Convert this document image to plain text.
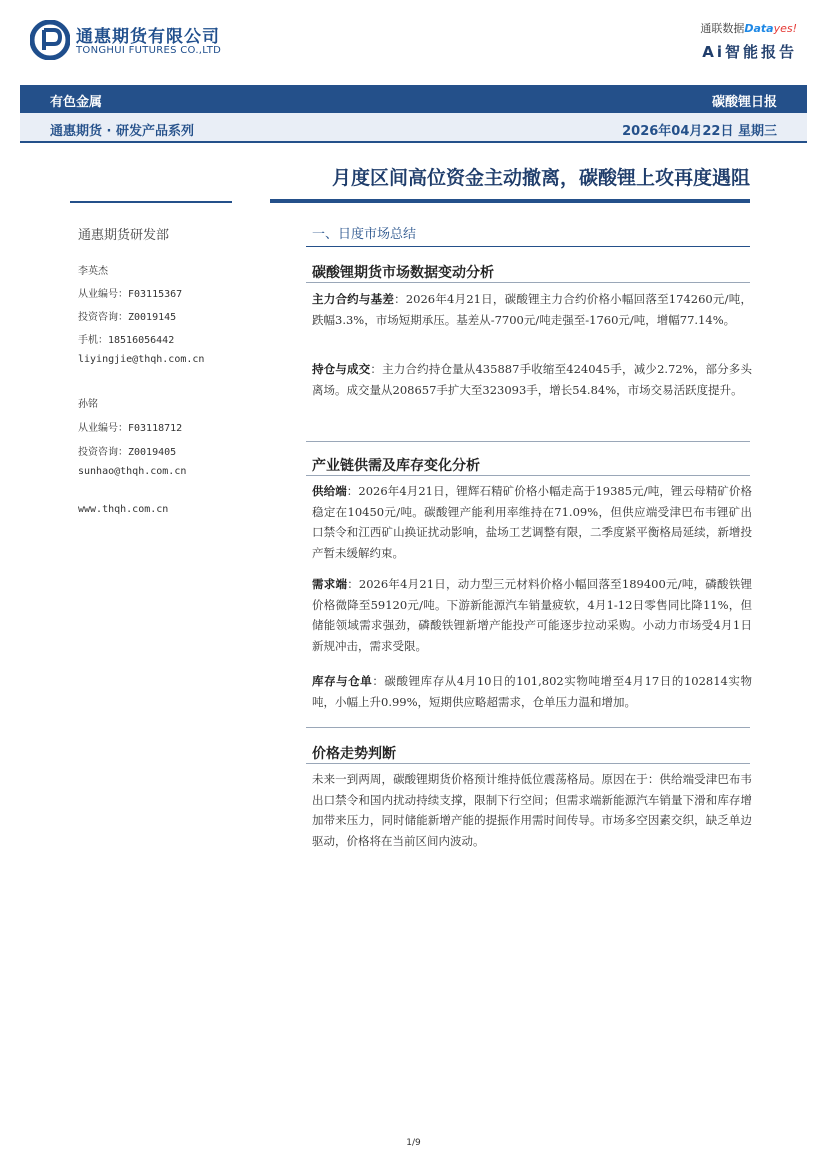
通惠期货有限公司
TONGHUI FUTURES CO.,LTD
通联数据Datayes!
Ai智能报告
有色金属	碳酸锂日报
通惠期货 · 研发产品系列	2026年04月22日 星期三
月度区间高位资金主动撤离，碳酸锂上攻再度遇阻
通惠期货研发部
李英杰
从业编号：F03115367
投资咨询：Z0019145
手机：18516056442
liyingjie@thqh.com.cn
孙铭
从业编号：F03118712
投资咨询：Z0019405
sunhao@thqh.com.cn
www.thqh.com.cn
一、日度市场总结
碳酸锂期货市场数据变动分析
主力合约与基差：2026年4月21日，碳酸锂主力合约价格小幅回落至174260元/吨，跌幅3.3%，市场短期承压。基差从-7700元/吨走强至-1760元/吨，增幅77.14%。
持仓与成交：主力合约持仓量从435887手收缩至424045手，减少2.72%，部分多头离场。成交量从208657手扩大至323093手，增长54.84%，市场交易活跃度提升。
产业链供需及库存变化分析
供给端：2026年4月21日，锂辉石精矿价格小幅走高于19385元/吨，锂云母精矿价格稳定在10450元/吨。碳酸锂产能利用率维持在71.09%，但供应端受津巴布韦锂矿出口禁令和江西矿山换证扰动影响，盐场工艺调整有限，二季度紧平衡格局延续，新增投产暂未缓解约束。
需求端：2026年4月21日，动力型三元材料价格小幅回落至189400元/吨，磷酸铁锂价格微降至59120元/吨。下游新能源汽车销量疲软，4月1-12日零售同比降11%，但储能领域需求强劲，磷酸铁锂新增产能投产可能逐步拉动采购。小动力市场受4月1日新规冲击，需求受限。
库存与仓单：碳酸锂库存从4月10日的101,802实物吨增至4月17日的102814实物吨，小幅上升0.99%，短期供应略超需求，仓单压力温和增加。
价格走势判断
未来一到两周，碳酸锂期货价格预计维持低位震荡格局。原因在于：供给端受津巴布韦出口禁令和国内扰动持续支撑，限制下行空间；但需求端新能源汽车销量下滑和库存增加带来压力，同时储能新增产能的提振作用需时间传导。市场多空因素交织，缺乏单边驱动，价格将在当前区间内波动。
1/9
